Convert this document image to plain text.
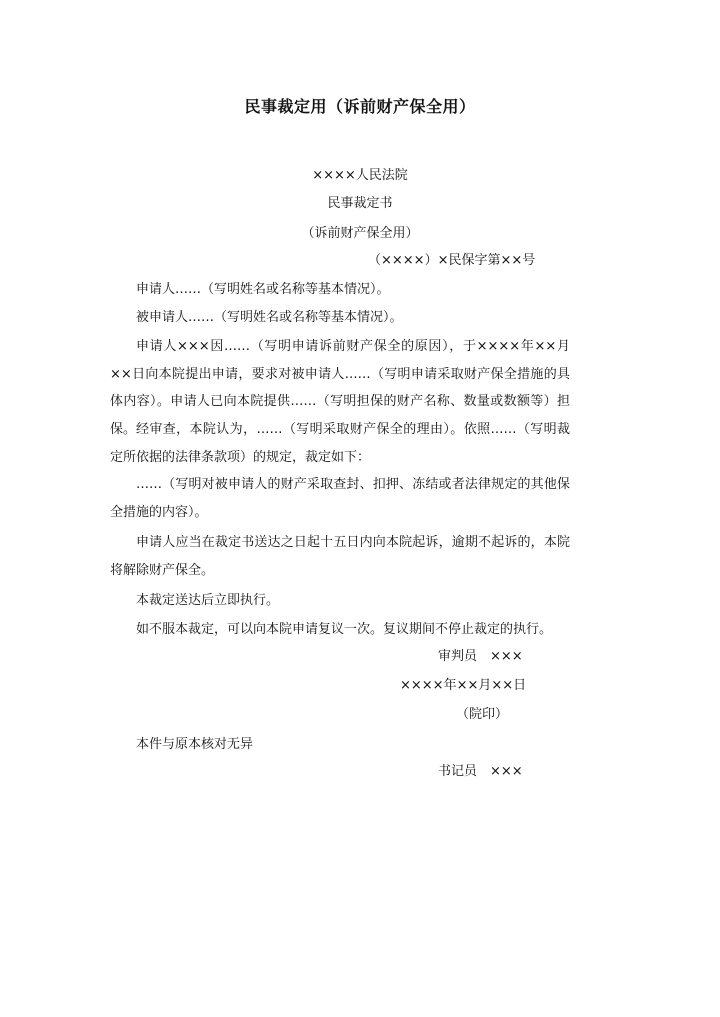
民事裁定用（诉前财产保全用）
××××人民法院
民事裁定书
（诉前财产保全用）
（××××）×民保字第××号
申请人……（写明姓名或名称等基本情况）。
被申请人……（写明姓名或名称等基本情况）。
申请人×××因……（写明申请诉前财产保全的原因），于××××年××月××日向本院提出申请，要求对被申请人……（写明申请采取财产保全措施的具体内容）。申请人已向本院提供……（写明担保的财产名称、数量或数额等）担保。 经审查，本院认为，……（写明采取财产保全的理由）。依照……（写明裁定所依据的法律条款项）的规定，裁定如下：
……（写明对被申请人的财产采取查封、扣押、冻结或者法律规定的其他保全措施的内容）。
申请人应当在裁定书送达之日起十五日内向本院起诉，逾期不起诉的，本院将解除财产保全。
本裁定送达后立即执行。
如不服本裁定，可以向本院申请复议一次。复议期间不停止裁定的执行。
审判员　×××
××××年××月××日
（院印）
本件与原本核对无异
书记员　×××
